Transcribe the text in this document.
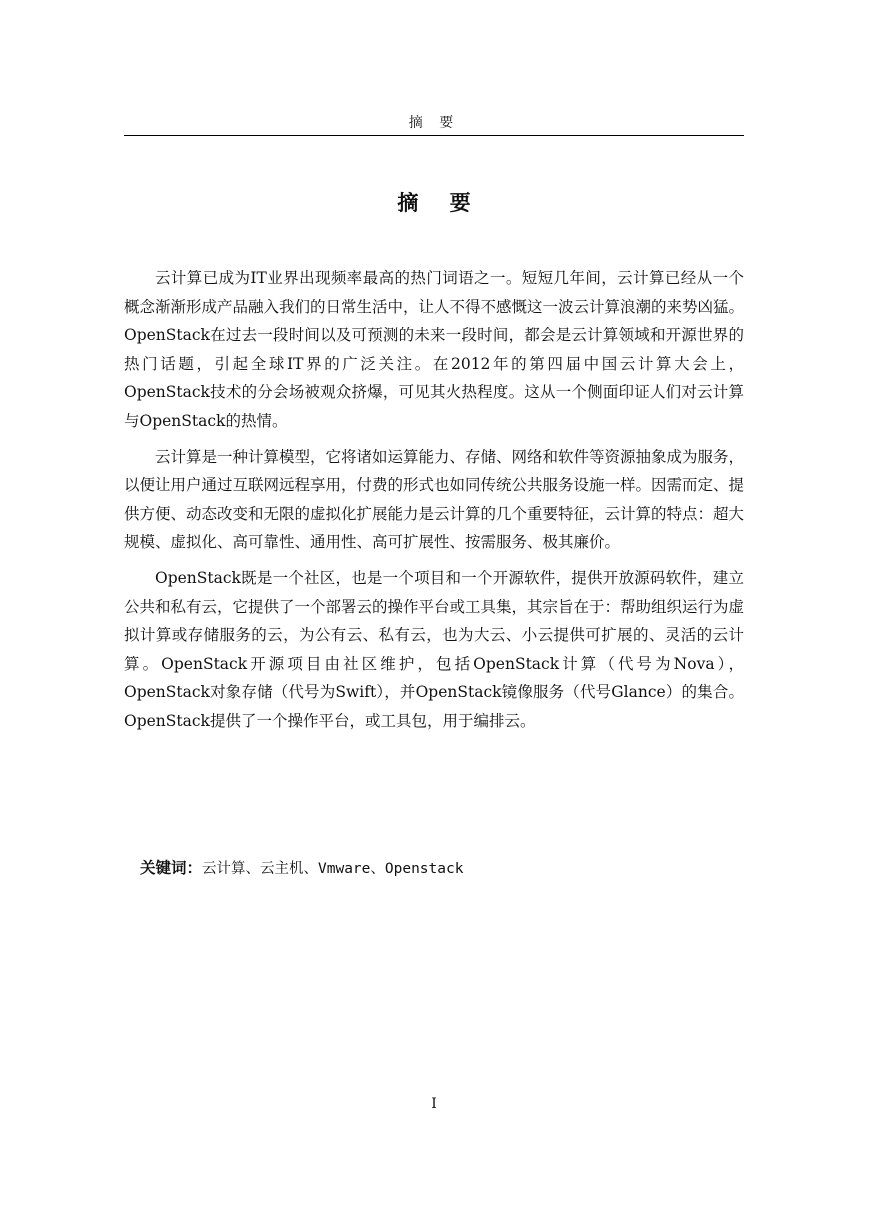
摘 要
摘 要

云计算已成为IT业界出现频率最高的热门词语之一。短短几年间，云计算已经从一个概念渐渐形成产品融入我们的日常生活中，让人不得不感慨这一波云计算浪潮的来势凶猛。OpenStack在过去一段时间以及可预测的未来一段时间，都会是云计算领域和开源世界的热门话题，引起全球IT界的广泛关注。在2012年的第四届中国云计算大会上，OpenStack技术的分会场被观众挤爆，可见其火热程度。这从一个侧面印证人们对云计算与OpenStack的热情。

云计算是一种计算模型，它将诸如运算能力、存储、网络和软件等资源抽象成为服务，以便让用户通过互联网远程享用，付费的形式也如同传统公共服务设施一样。因需而定、提供方便、动态改变和无限的虚拟化扩展能力是云计算的几个重要特征，云计算的特点：超大规模、虚拟化、高可靠性、通用性、高可扩展性、按需服务、极其廉价。

OpenStack既是一个社区，也是一个项目和一个开源软件，提供开放源码软件，建立公共和私有云，它提供了一个部署云的操作平台或工具集，其宗旨在于：帮助组织运行为虚拟计算或存储服务的云，为公有云、私有云，也为大云、小云提供可扩展的、灵活的云计算。OpenStack开源项目由社区维护，包括OpenStack计算（代号为Nova），OpenStack对象存储（代号为Swift），并OpenStack镜像服务（代号Glance）的集合。OpenStack提供了一个操作平台，或工具包，用于编排云。

关键词：云计算、云主机、Vmware、Openstack
I
